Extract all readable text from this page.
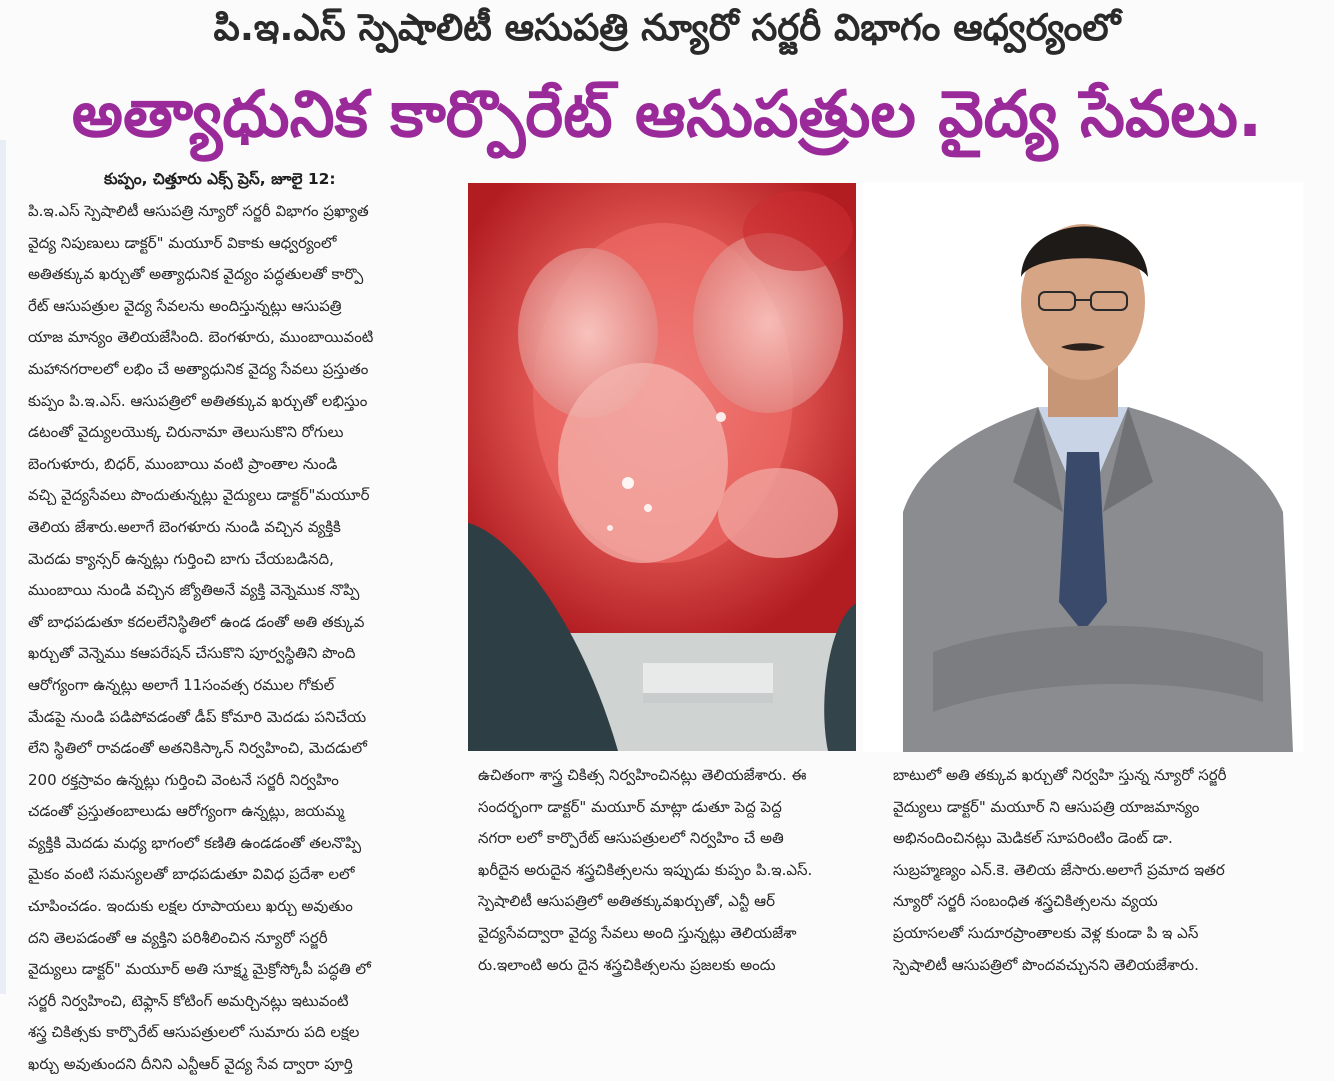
పి.ఇ.ఎస్ స్పెషాలిటీ ఆసుపత్రి న్యూరో సర్జరీ విభాగం ఆధ్వర్యంలో
అత్యాధునిక కార్పొరేట్ ఆసుపత్రుల వైద్య సేవలు.
కుప్పం, చిత్తూరు ఎక్స్ ప్రెస్, జూలై 12:
పి.ఇ.ఎస్ స్పెషాలిటీ ఆసుపత్రి న్యూరో సర్జరీ విభాగం ప్రఖ్యాత
వైద్య నిపుణులు డాక్టర్" మయూర్ వికాకు ఆధ్వర్యంలో
అతితక్కువ ఖర్చుతో అత్యాధునిక వైద్యం పద్ధతులతో కార్పొ
రేట్ ఆసుపత్రుల వైద్య సేవలను అందిస్తున్నట్లు ఆసుపత్రి
యాజ మాన్యం తెలియజేసింది. బెంగళూరు, ముంబాయివంటి
మహానగరాలలో లభిం చే అత్యాధునిక వైద్య సేవలు ప్రస్తుతం
కుప్పం పి.ఇ.ఎస్. ఆసుపత్రిలో అతితక్కువ ఖర్చుతో లభిస్తుం
డటంతో వైద్యులయొక్క చిరునామా తెలుసుకొని రోగులు
బెంగుళూరు, బిధర్, ముంబాయి వంటి ప్రాంతాల నుండి
వచ్చి వైద్యసేవలు పొందుతున్నట్లు వైద్యులు డాక్టర్"మయూర్
తెలియ జేశారు.అలాగే బెంగళూరు నుండి వచ్చిన వ్యక్తికి
మెదడు క్యాన్సర్ ఉన్నట్లు గుర్తించి బాగు చేయబడినది,
ముంబాయి నుండి వచ్చిన జ్యోతిఅనే వ్యక్తి వెన్నెముక నొప్పి
తో బాధపడుతూ కదలలేనిస్థితిలో ఉండ డంతో అతి తక్కువ
ఖర్చుతో వెన్నెము కఆపరేషన్ చేసుకొని పూర్వస్థితిని పొంది
ఆరోగ్యంగా ఉన్నట్లు అలాగే 11సంవత్స రముల గోకుల్
మేడపై నుండి పడిపోవడంతో డీప్ కోమారి మెదడు పనిచేయ
లేని స్థితిలో రావడంతో అతనికిస్కాన్ నిర్వహించి, మెదడులో
200 రక్తస్రావం ఉన్నట్లు గుర్తించి వెంటనే సర్జరీ నిర్వహిం
చడంతో ప్రస్తుతంబాలుడు ఆరోగ్యంగా ఉన్నట్లు, జయమ్మ
వ్యక్తికి మెదడు మధ్య భాగంలో కణితి ఉండడంతో తలనొప్పి
మైకం వంటి సమస్యలతో బాధపడుతూ వివిధ ప్రదేశా లలో
చూపించడం. ఇందుకు లక్షల రూపాయలు ఖర్చు అవుతుం
దని తెలపడంతో ఆ వ్యక్తిని పరిశీలించిన న్యూరో సర్జరీ
వైద్యులు డాక్టర్" మయూర్ అతి సూక్ష్మ మైక్రోస్కోపీ పద్ధతి లో
సర్జరీ నిర్వహించి, టెఫ్లాన్ కోటింగ్ అమర్చినట్లు ఇటువంటి
శస్త్ర చికిత్సకు కార్పొరేట్ ఆసుపత్రులలో సుమారు పది లక్షల
ఖర్చు అవుతుందని దీనిని ఎన్టీఆర్ వైద్య సేవ ద్వారా పూర్తి
ఉచితంగా శాస్త్ర చికిత్స నిర్వహించినట్లు తెలియజేశారు. ఈ
సందర్భంగా డాక్టర్" మయూర్ మాట్లా డుతూ పెద్ద పెద్ద
నగరా లలో కార్పొరేట్ ఆసుపత్రులలో నిర్వహిం చే అతి
ఖరీదైన అరుదైన శస్త్రచికిత్సలను ఇప్పుడు కుప్పం పి.ఇ.ఎస్.
స్పెషాలిటీ ఆసుపత్రిలో అతితక్కువఖర్చుతో, ఎన్టీ ఆర్
వైద్యసేవద్వారా వైద్య సేవలు అంది స్తున్నట్లు తెలియజేశా
రు.ఇలాంటి అరు దైన శస్త్రచికిత్సలను ప్రజలకు అందు
బాటులో అతి తక్కువ ఖర్చుతో నిర్వహి స్తున్న న్యూరో సర్జరీ
వైద్యులు డాక్టర్" మయూర్ ని ఆసుపత్రి యాజమాన్యం
అభినందించినట్లు మెడికల్ సూపరింటిం డెంట్ డా.
సుబ్రహ్మణ్యం ఎన్.కె. తెలియ జేసారు.అలాగే ప్రమాద ఇతర
న్యూరో సర్జరీ సంబంధిత శస్త్రచికిత్సలను వ్యయ
ప్రయాసలతో సుదూరప్రాంతాలకు వెళ్ల కుండా పి ఇ ఎస్
స్పెషాలిటీ ఆసుపత్రిలో పొందవచ్చునని తెలియజేశారు.
